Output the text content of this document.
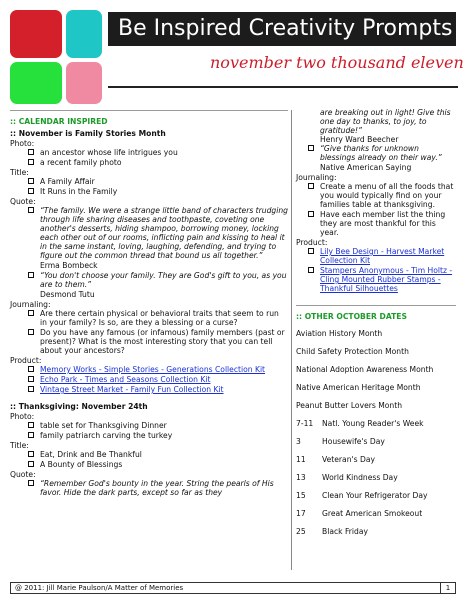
Be Inspired Creativity Prompts
november two thousand eleven
:: CALENDAR INSPIRED
:: November is Family Stories Month
Photo:
an ancestor whose life intrigues you
a recent family photo
Title:
A Family Affair
It Runs in the Family
Quote:
“The family. We were a strange little band of characters trudging through life sharing diseases and toothpaste, coveting one another's desserts, hiding shampoo, borrowing money, locking each other out of our rooms, inflicting pain and kissing to heal it in the same instant, loving, laughing, defending, and trying to figure out the common thread that bound us all together.”
Erma Bombeck
“You don't choose your family. They are God's gift to you, as you are to them.”
Desmond Tutu
Journaling:
Are there certain physical or behavioral traits that seem to run in your family? Is so, are they a blessing or a curse?
Do you have any famous (or infamous) family members (past or present)? What is the most interesting story that you can tell about your ancestors?
Product:
Memory Works - Simple Stories - Generations Collection Kit
Echo Park - Times and Seasons Collection Kit
Vintage Street Market - Family Fun Collection Kit
:: Thanksgiving: November 24th
Photo:
table set for Thanksgiving Dinner
family patriarch carving the turkey
Title:
Eat, Drink and Be Thankful
A Bounty of Blessings
Quote:
“Remember God's bounty in the year. String the pearls of His favor. Hide the dark parts, except so far as they
are breaking out in light! Give this one day to thanks, to joy, to gratitude!”
Henry Ward Beecher
“Give thanks for unknown blessings already on their way.”
Native American Saying
Journaling:
Create a menu of all the foods that you would typically find on your families table at thanksgiving.
Have each member list the thing they are most thankful for this year.
Product:
Lily Bee Design - Harvest Market Collection Kit
Stampers Anonymous - Tim Holtz - Cling Mounted Rubber Stamps - Thankful Silhouettes
:: OTHER OCTOBER DATES
Aviation History Month
Child Safety Protection Month
National Adoption Awareness Month
Native American Heritage Month
Peanut Butter Lovers Month
7-11	Natl. Young Reader's Week
3	Housewife's Day
11	Veteran's Day
13	World Kindness Day
15	Clean Your Refrigerator Day
17	Great American Smokeout
25	Black Friday
@ 2011: Jill Marie Paulson/A Matter of Memories	1
